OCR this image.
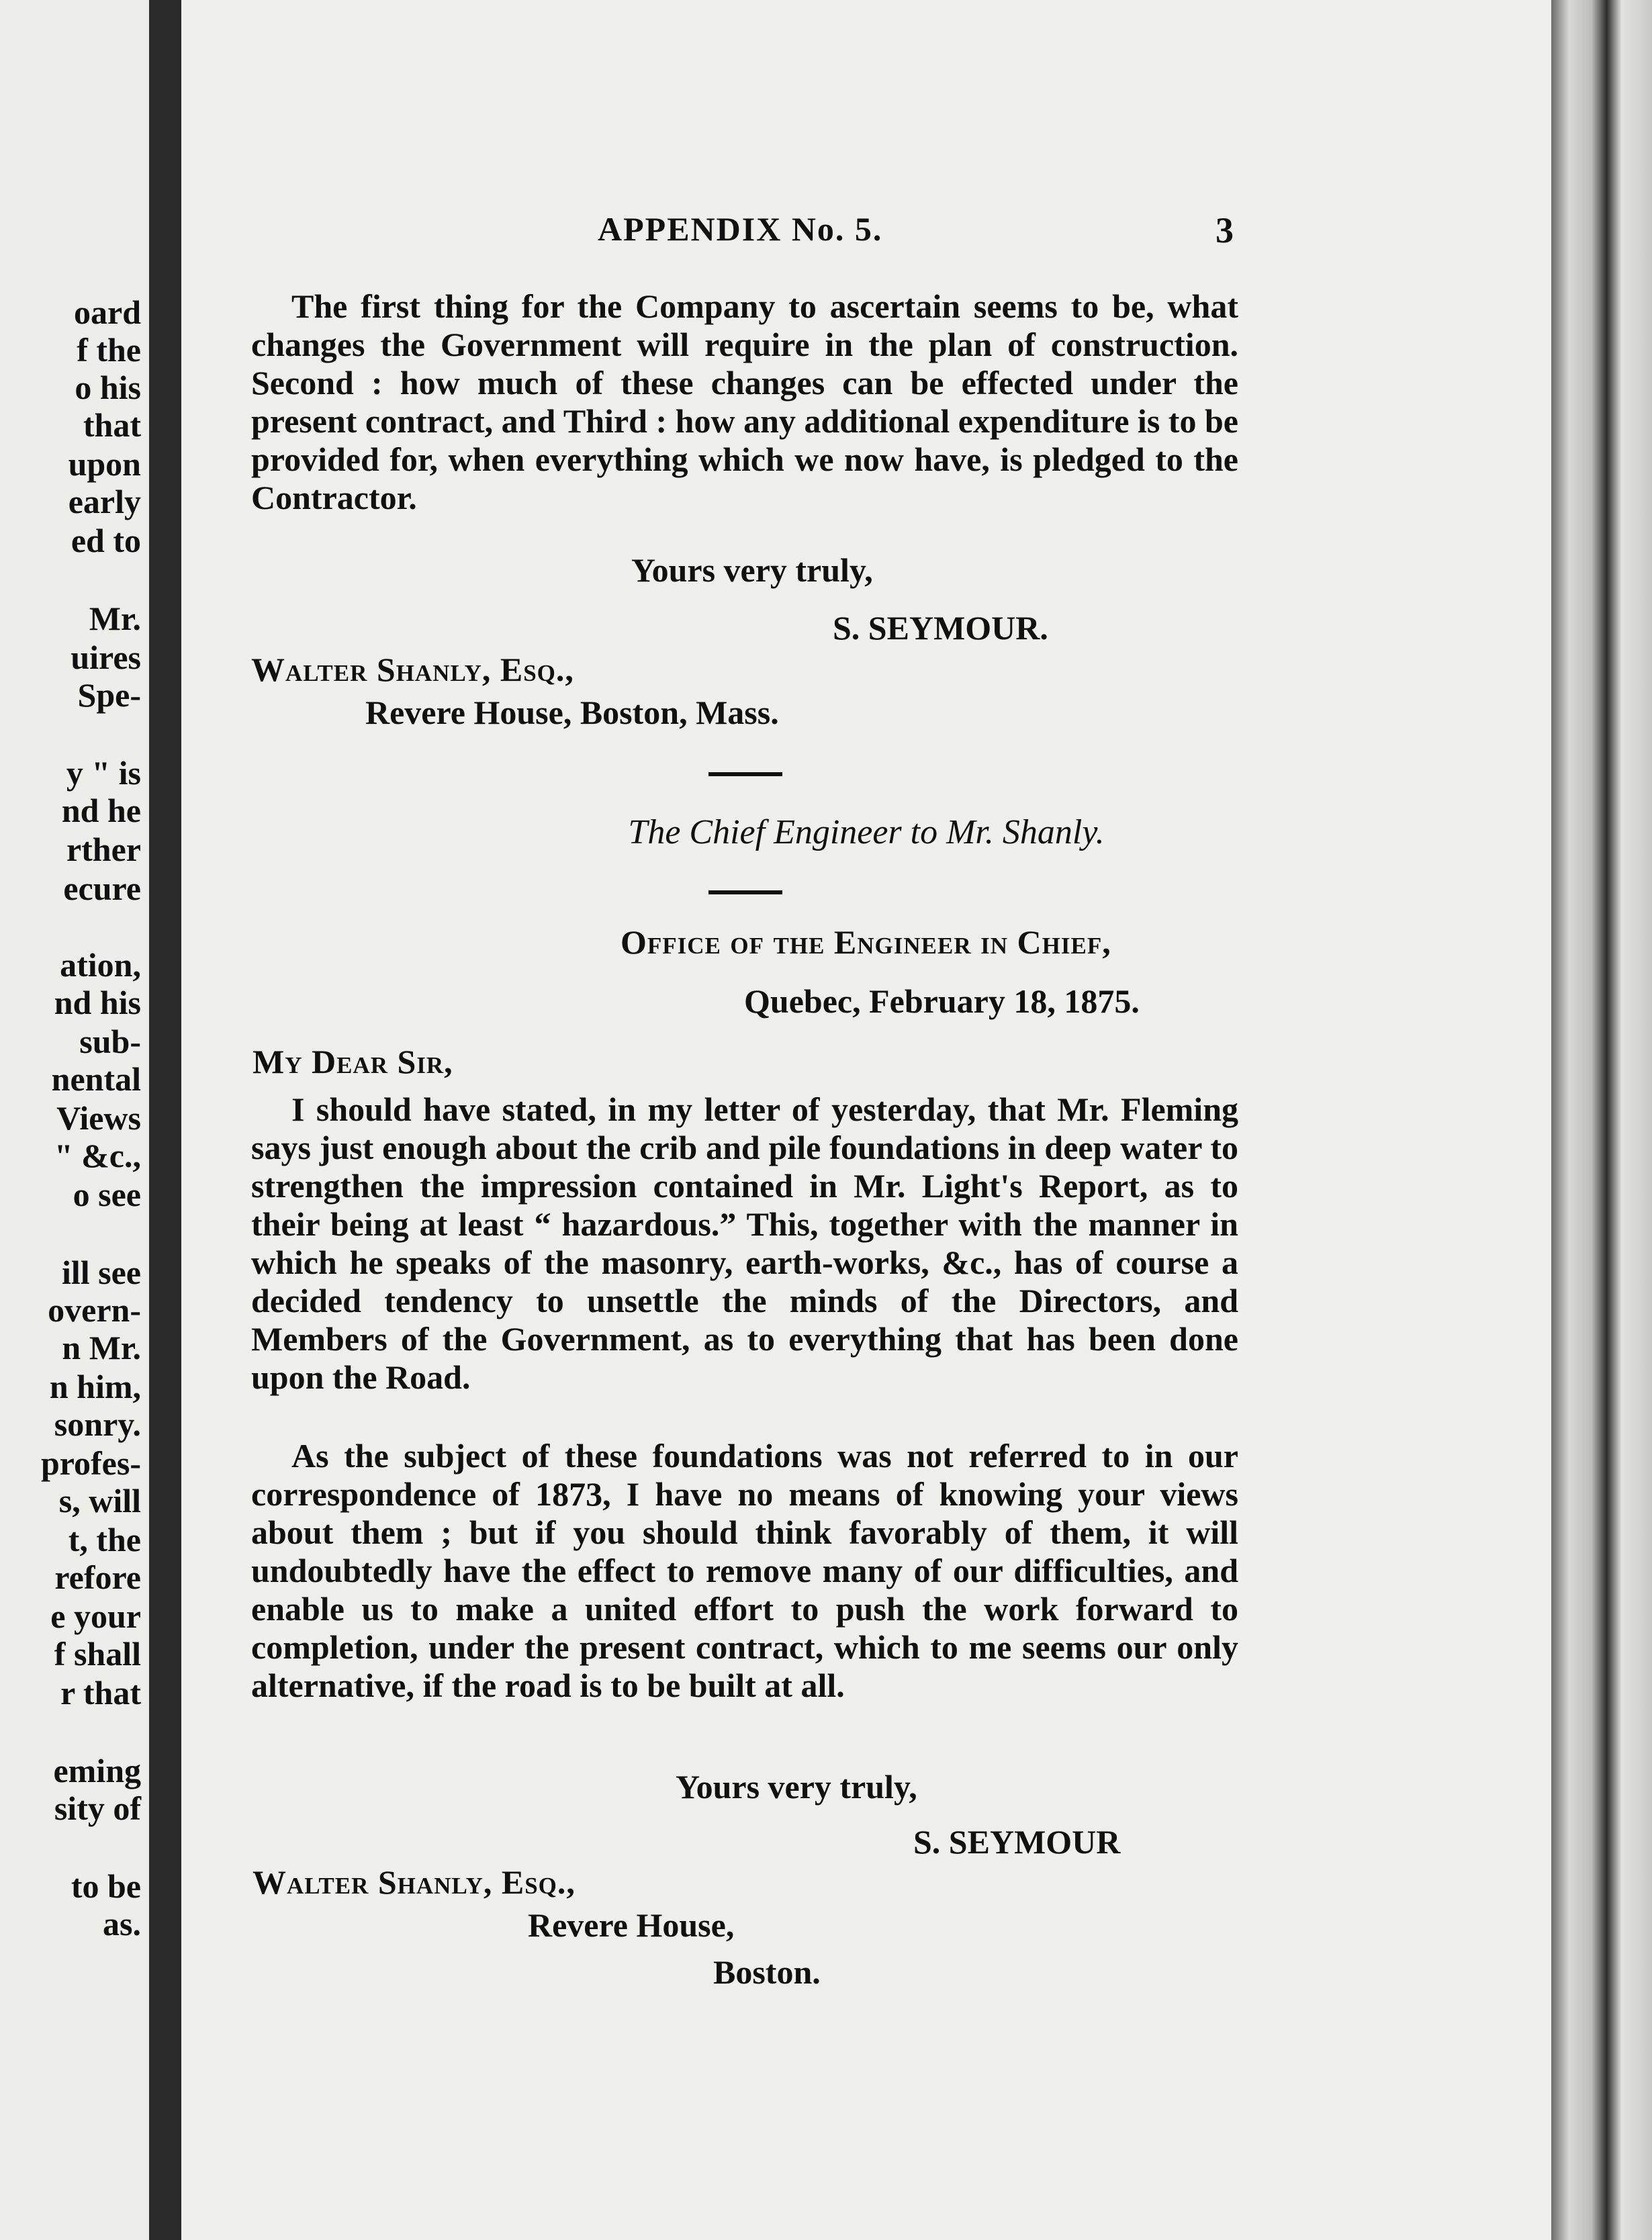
oard
f the
o his
that
upon
early
ed to
Mr.
uires
Spe-
y " is
nd he
rther
ecure
ation,
nd his
sub-
nental
Views
" &c.,
o see
ill see
overn-
n Mr.
n him,
sonry.
profes-
s, will
t, the
refore
e your
f shall
r that
eming
sity of
to be
as.
APPENDIX No. 5.	3

The first thing for the Company to ascertain seems to be, what changes the Government will require in the plan of construction. Second : how much of these changes can be effected under the present contract, and Third : how any additional expenditure is to be provided for, when everything which we now have, is pledged to the Contractor.

Yours very truly,
S. SEYMOUR.
Walter Shanly, Esq.,
Revere House, Boston, Mass.
The Chief Engineer to Mr. Shanly.
Office of the Engineer in Chief,
Quebec, February 18, 1875.
My Dear Sir,

I should have stated, in my letter of yesterday, that Mr. Fleming says just enough about the crib and pile foundations in deep water to strengthen the impression contained in Mr. Light's Report, as to their being at least “ hazardous.” This, together with the manner in which he speaks of the masonry, earth-works, &c., has of course a decided tendency to unsettle the minds of the Directors, and Members of the Government, as to everything that has been done upon the Road.

As the subject of these foundations was not referred to in our correspondence of 1873, I have no means of knowing your views about them ; but if you should think favorably of them, it will undoubtedly have the effect to remove many of our difficulties, and enable us to make a united effort to push the work forward to completion, under the present contract, which to me seems our only alternative, if the road is to be built at all.

Yours very truly,
S. SEYMOUR
Walter Shanly, Esq.,
Revere House,
Boston.
